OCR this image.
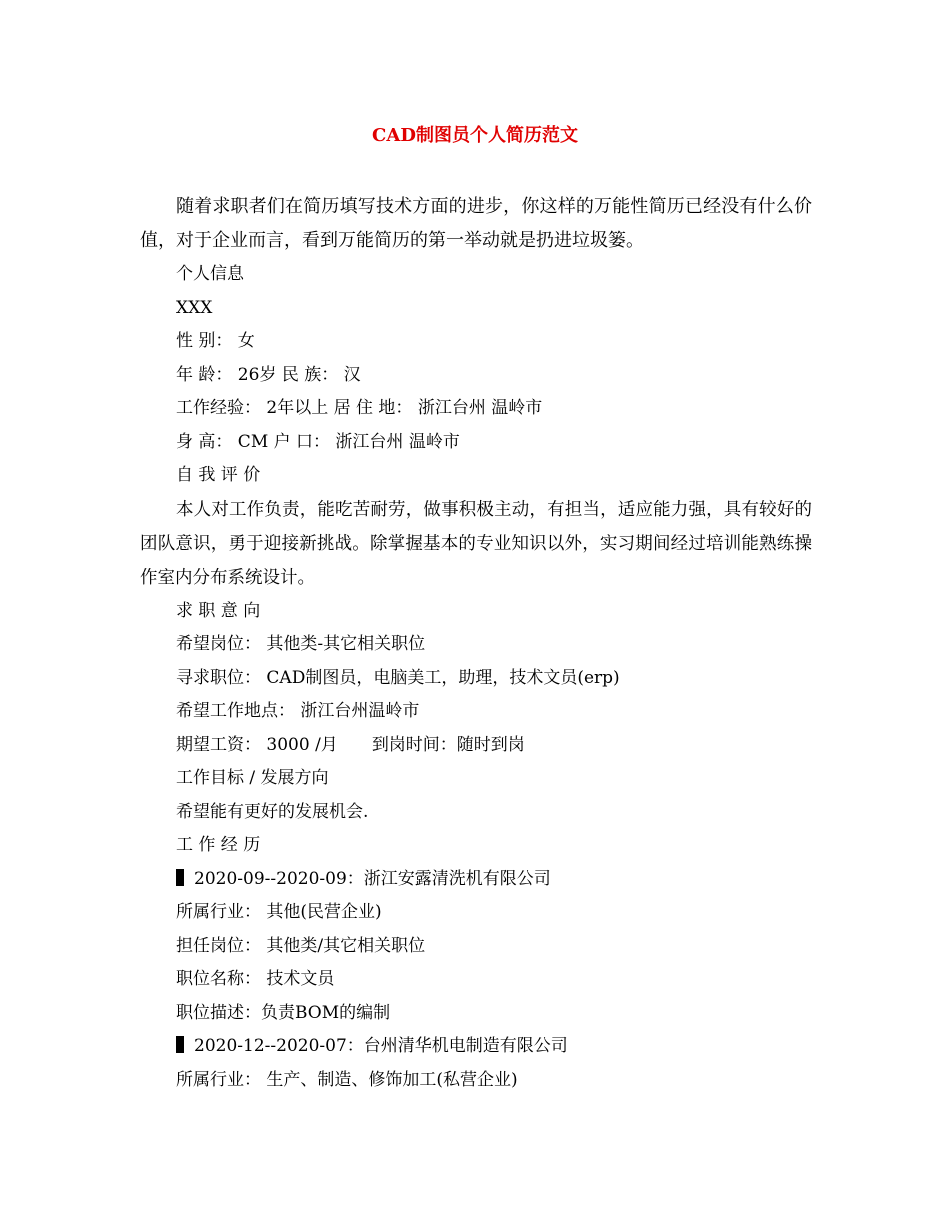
CAD制图员个人简历范文

随着求职者们在简历填写技术方面的进步，你这样的万能性简历已经没有什么价值，对于企业而言，看到万能简历的第一举动就是扔进垃圾篓。

个人信息
XXX
性 别： 女
年 龄： 26岁 民 族： 汉
工作经验： 2年以上 居 住 地： 浙江台州 温岭市
身 高： CM 户 口： 浙江台州 温岭市
自 我 评 价

本人对工作负责，能吃苦耐劳，做事积极主动，有担当，适应能力强，具有较好的团队意识，勇于迎接新挑战。除掌握基本的专业知识以外，实习期间经过培训能熟练操作室内分布系统设计。

求 职 意 向
希望岗位： 其他类-其它相关职位
寻求职位： CAD制图员，电脑美工，助理，技术文员(erp)
希望工作地点： 浙江台州温岭市
期望工资： 3000 /月 到岗时间：随时到岗
工作目标 / 发展方向
希望能有更好的发展机会.
工 作 经 历
2020-09--2020-09：浙江安露清洗机有限公司
所属行业： 其他(民营企业)
担任岗位： 其他类/其它相关职位
职位名称： 技术文员
职位描述：负责BOM的编制
2020-12--2020-07：台州清华机电制造有限公司
所属行业： 生产、制造、修饰加工(私营企业)
